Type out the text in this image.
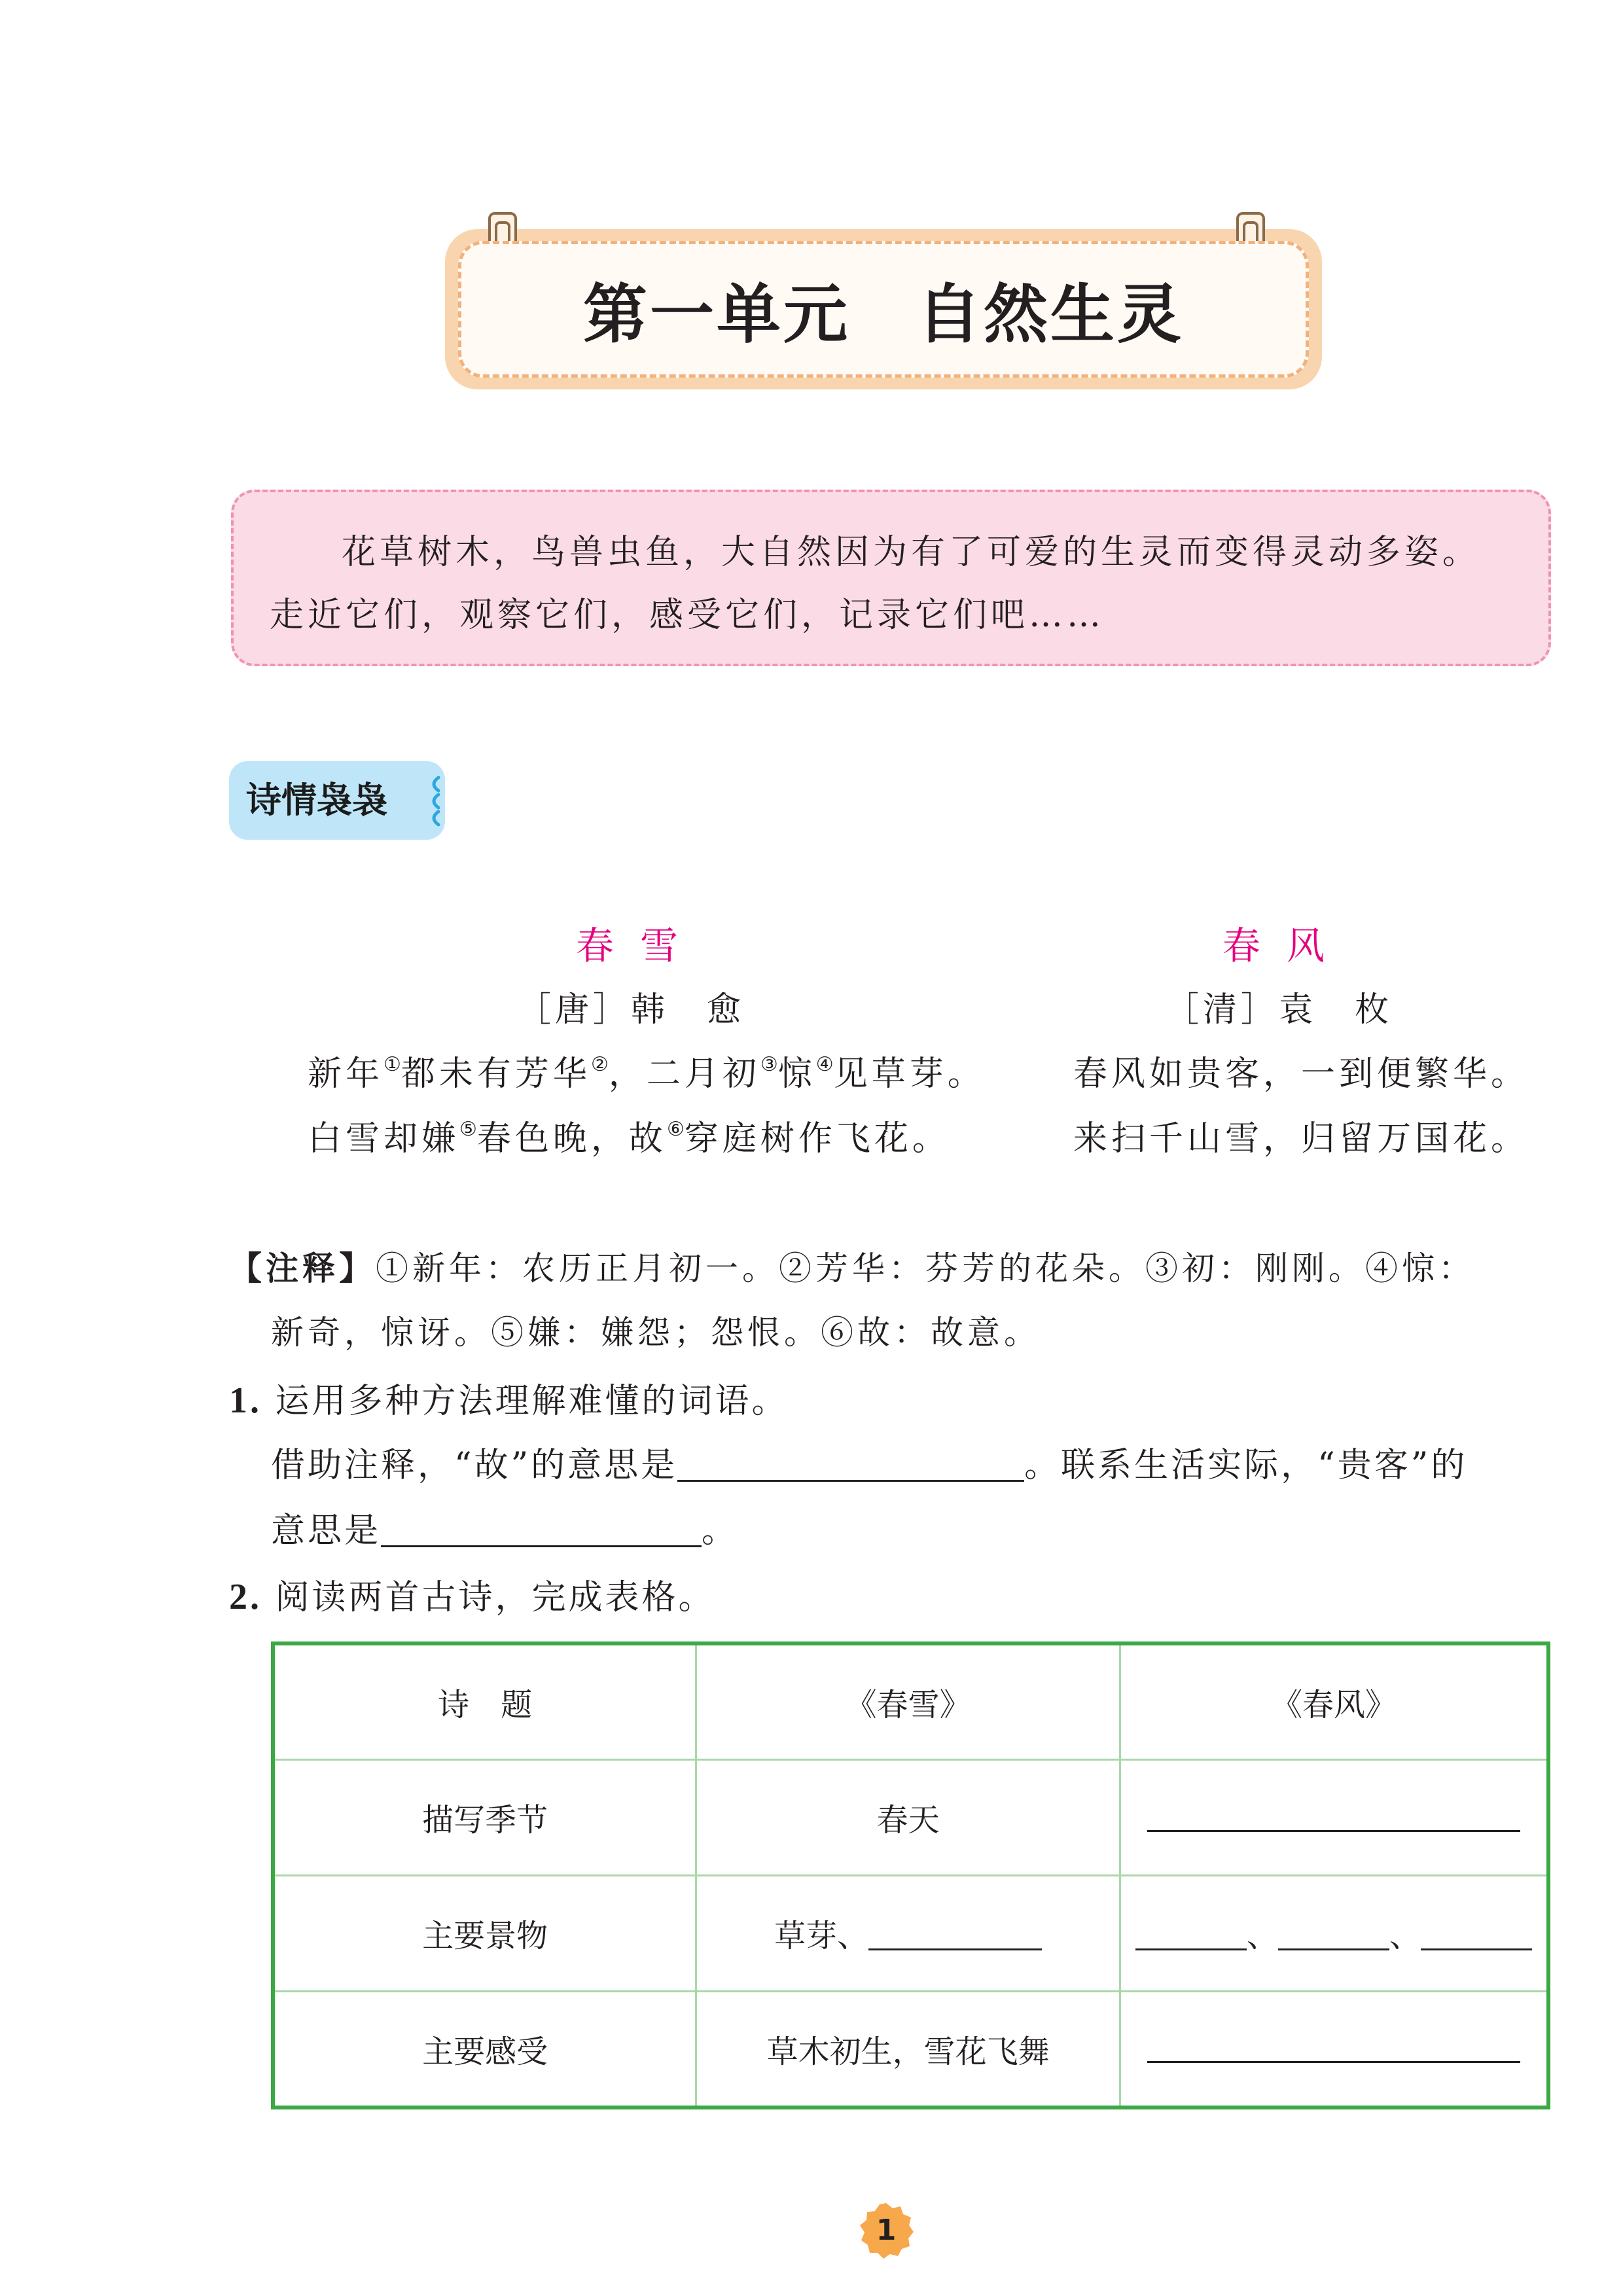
第一单元　自然生灵

花草树木，鸟兽虫鱼，大自然因为有了可爱的生灵而变得灵动多姿。

走近它们，观察它们，感受它们，记录它们吧……

诗情袅袅
春雪
［唐］韩　愈
新年①都未有芳华②，二月初③惊④见草芽。
白雪却嫌⑤春色晚，故⑥穿庭树作飞花。
春风
［清］袁　枚
春风如贵客，一到便繁华。
来扫千山雪，归留万国花。
【注释】①新年：农历正月初一。②芳华：芬芳的花朵。③初：刚刚。④惊：
新奇，惊讶。⑤嫌：嫌怨；怨恨。⑥故：故意。
1. 运用多种方法理解难懂的词语。
借助注释，“故”的意思是	。联系生活实际，“贵客”的
意思是	。
2. 阅读两首古诗，完成表格。
诗　题	《春雪》	《春风》
描写季节	春天	
主要景物	草芽、	、 、
主要感受	草木初生，雪花飞舞	
1
